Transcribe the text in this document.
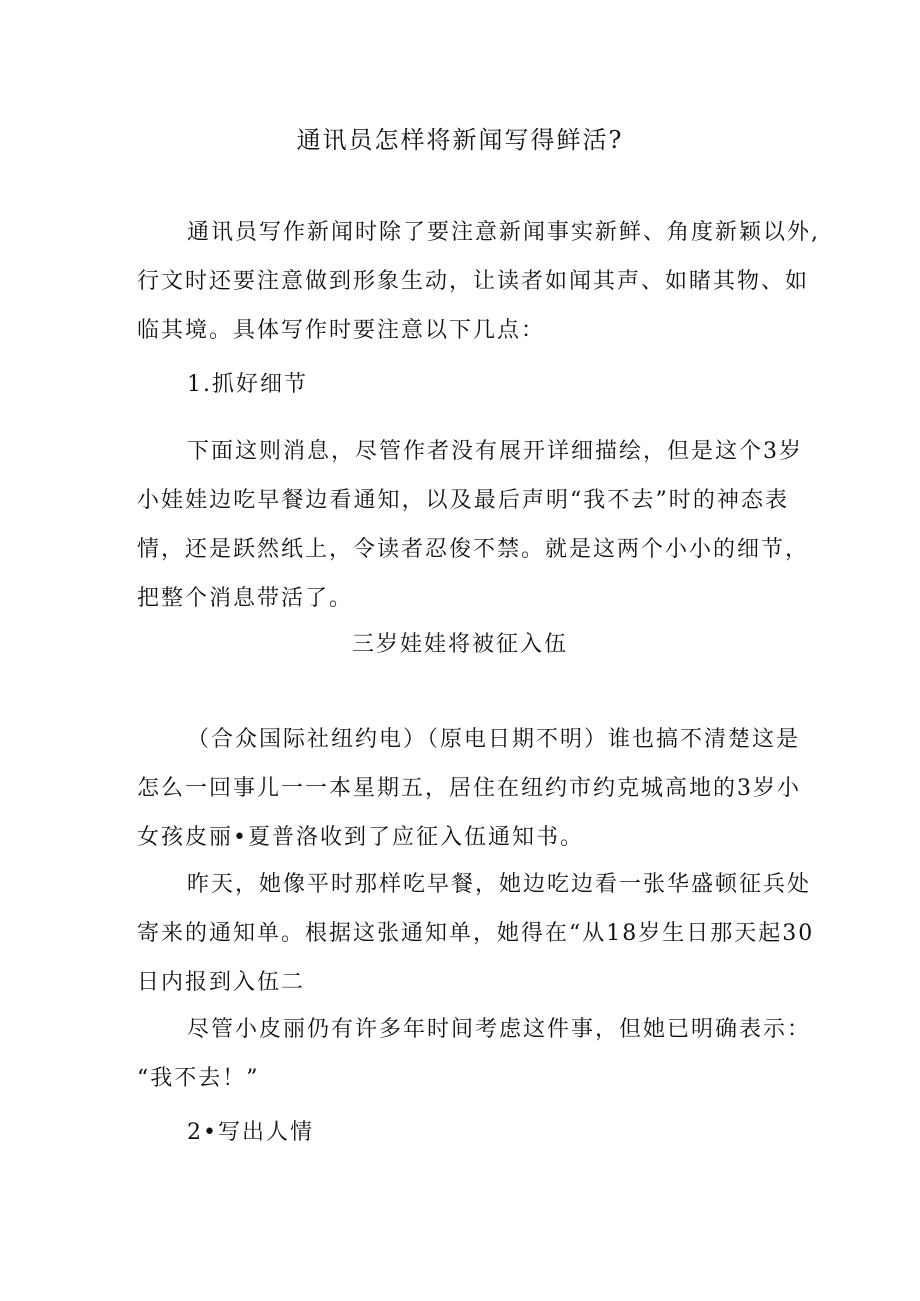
通讯员怎样将新闻写得鲜活?
通讯员写作新闻时除了要注意新闻事实新鲜、角度新颖以外,
行文时还要注意做到形象生动，让读者如闻其声、如睹其物、如
临其境。具体写作时要注意以下几点：
1.抓好细节
下面这则消息，尽管作者没有展开详细描绘，但是这个3岁
小娃娃边吃早餐边看通知，以及最后声明“我不去”时的神态表
情，还是跃然纸上，令读者忍俊不禁。就是这两个小小的细节，
把整个消息带活了。
三岁娃娃将被征入伍
（合众国际社纽约电）（原电日期不明）谁也搞不清楚这是
怎么一回事儿一一本星期五，居住在纽约市约克城高地的3岁小
女孩皮丽•夏普洛收到了应征入伍通知书。
昨天，她像平时那样吃早餐，她边吃边看一张华盛顿征兵处
寄来的通知单。根据这张通知单，她得在“从18岁生日那天起30
日内报到入伍二
尽管小皮丽仍有许多年时间考虑这件事，但她已明确表示：
“我不去！”
2•写出人情
